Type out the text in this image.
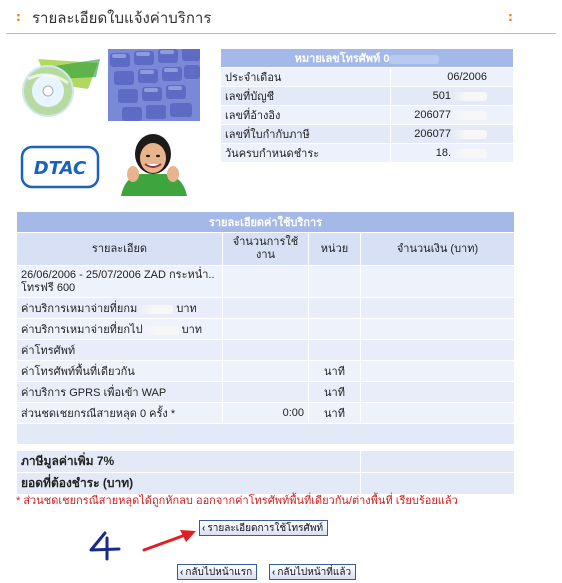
: รายละเอียดใบแจ้งค่าบริการ	:
DTAC
หมายเลขโทรศัพท์ 0	
ประจำเดือน	06/2006
เลขที่บัญชี	501
เลขที่อ้างอิง	206077
เลขที่ใบกำกับภาษี	206077
วันครบกำหนดชำระ	18.
รายละเอียดค่าใช้บริการ			
รายละเอียด	จำนวนการใช้งาน	หน่วย	จำนวนเงิน (บาท)
26/06/2006 - 25/07/2006 ZAD กระหน่ำ.. โทรฟรี 600			
ค่าบริการเหมาจ่ายที่ยกม บาท			
ค่าบริการเหมาจ่ายที่ยกไป บาท			
ค่าโทรศัพท์			
ค่าโทรศัพท์พื้นที่เดียวกัน		นาที	
ค่าบริการ GPRS เพื่อเข้า WAP		นาที	
ส่วนชดเชยกรณีสายหลุด 0 ครั้ง *	0:00	นาที	

ภาษีมูลค่าเพิ่ม 7%			
ยอดที่ต้องชำระ (บาท)			
* ส่วนชดเชยกรณีสายหลุดได้ถูกหักลบ ออกจากค่าโทรศัพท์พื้นที่เดียวกัน/ต่างพื้นที่ เรียบร้อยแล้ว
‹ รายละเอียดการใช้โทรศัพท์
‹ กลับไปหน้าแรก ‹ กลับไปหน้าที่แล้ว
